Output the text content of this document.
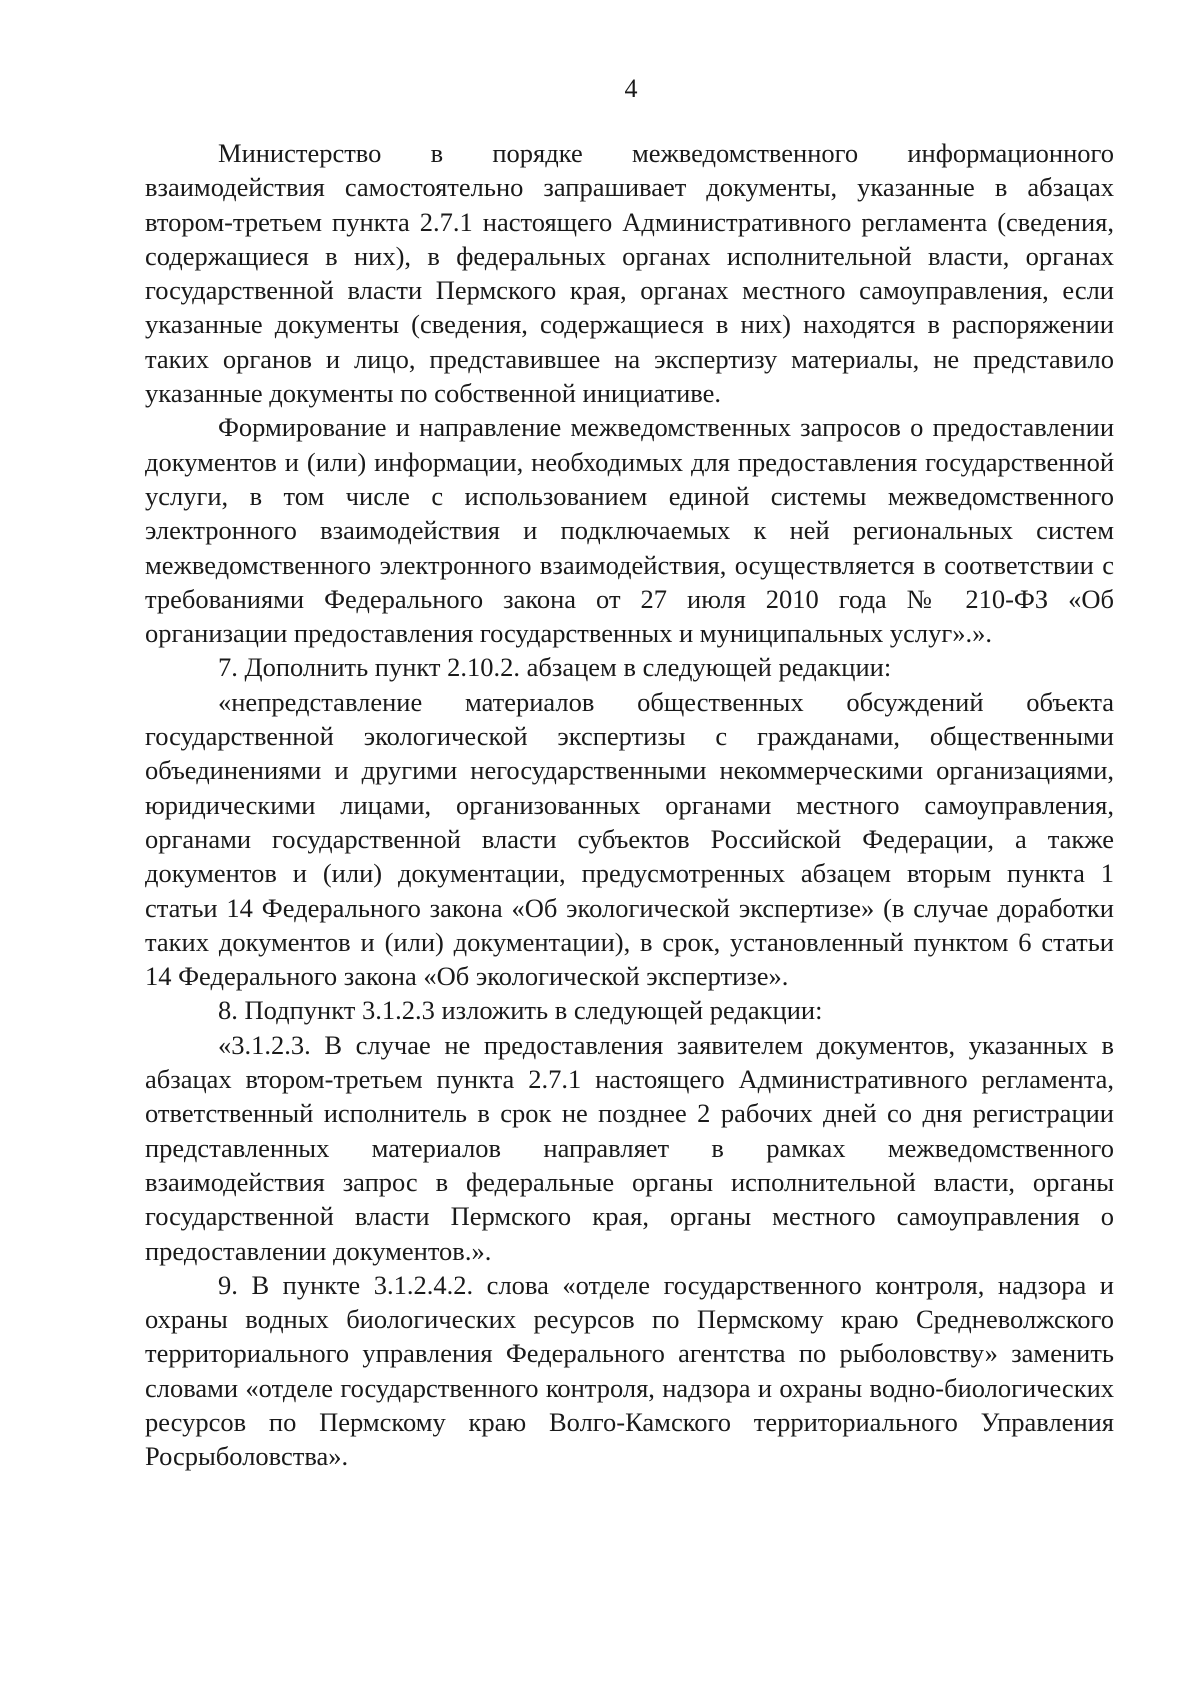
4

Министерство в порядке межведомственного информационного взаимодействия самостоятельно запрашивает документы, указанные в абзацах втором-третьем пункта 2.7.1 настоящего Административного регламента (сведения, содержащиеся в них), в федеральных органах исполнительной власти, органах государственной власти Пермского края, органах местного самоуправления, если указанные документы (сведения, содержащиеся в них) находятся в распоряжении таких органов и лицо, представившее на экспертизу материалы, не представило указанные документы по собственной инициативе.

Формирование и направление межведомственных запросов о предоставлении документов и (или) информации, необходимых для предоставления государственной услуги, в том числе с использованием единой системы межведомственного электронного взаимодействия и подключаемых к ней региональных систем межведомственного электронного взаимодействия, осуществляется в соответствии с требованиями Федерального закона от 27 июля 2010 года № 210-ФЗ «Об организации предоставления государственных и муниципальных услуг».».

7. Дополнить пункт 2.10.2. абзацем в следующей редакции:

«непредставление материалов общественных обсуждений объекта государственной экологической экспертизы с гражданами, общественными объединениями и другими негосударственными некоммерческими организациями, юридическими лицами, организованных органами местного самоуправления, органами государственной власти субъектов Российской Федерации, а также документов и (или) документации, предусмотренных абзацем вторым пункта 1 статьи 14 Федерального закона «Об экологической экспертизе» (в случае доработки таких документов и (или) документации), в срок, установленный пунктом 6 статьи 14 Федерального закона «Об экологической экспертизе».

8. Подпункт 3.1.2.3 изложить в следующей редакции:

«3.1.2.3. В случае не предоставления заявителем документов, указанных в абзацах втором-третьем пункта 2.7.1 настоящего Административного регламента, ответственный исполнитель в срок не позднее 2 рабочих дней со дня регистрации представленных материалов направляет в рамках межведомственного взаимодействия запрос в федеральные органы исполнительной власти, органы государственной власти Пермского края, органы местного самоуправления о предоставлении документов.».

9. В пункте 3.1.2.4.2. слова «отделе государственного контроля, надзора и охраны водных биологических ресурсов по Пермскому краю Средневолжского территориального управления Федерального агентства по рыболовству» заменить словами «отделе государственного контроля, надзора и охраны водно-биологических ресурсов по Пермскому краю Волго-Камского территориального Управления Росрыболовства».
